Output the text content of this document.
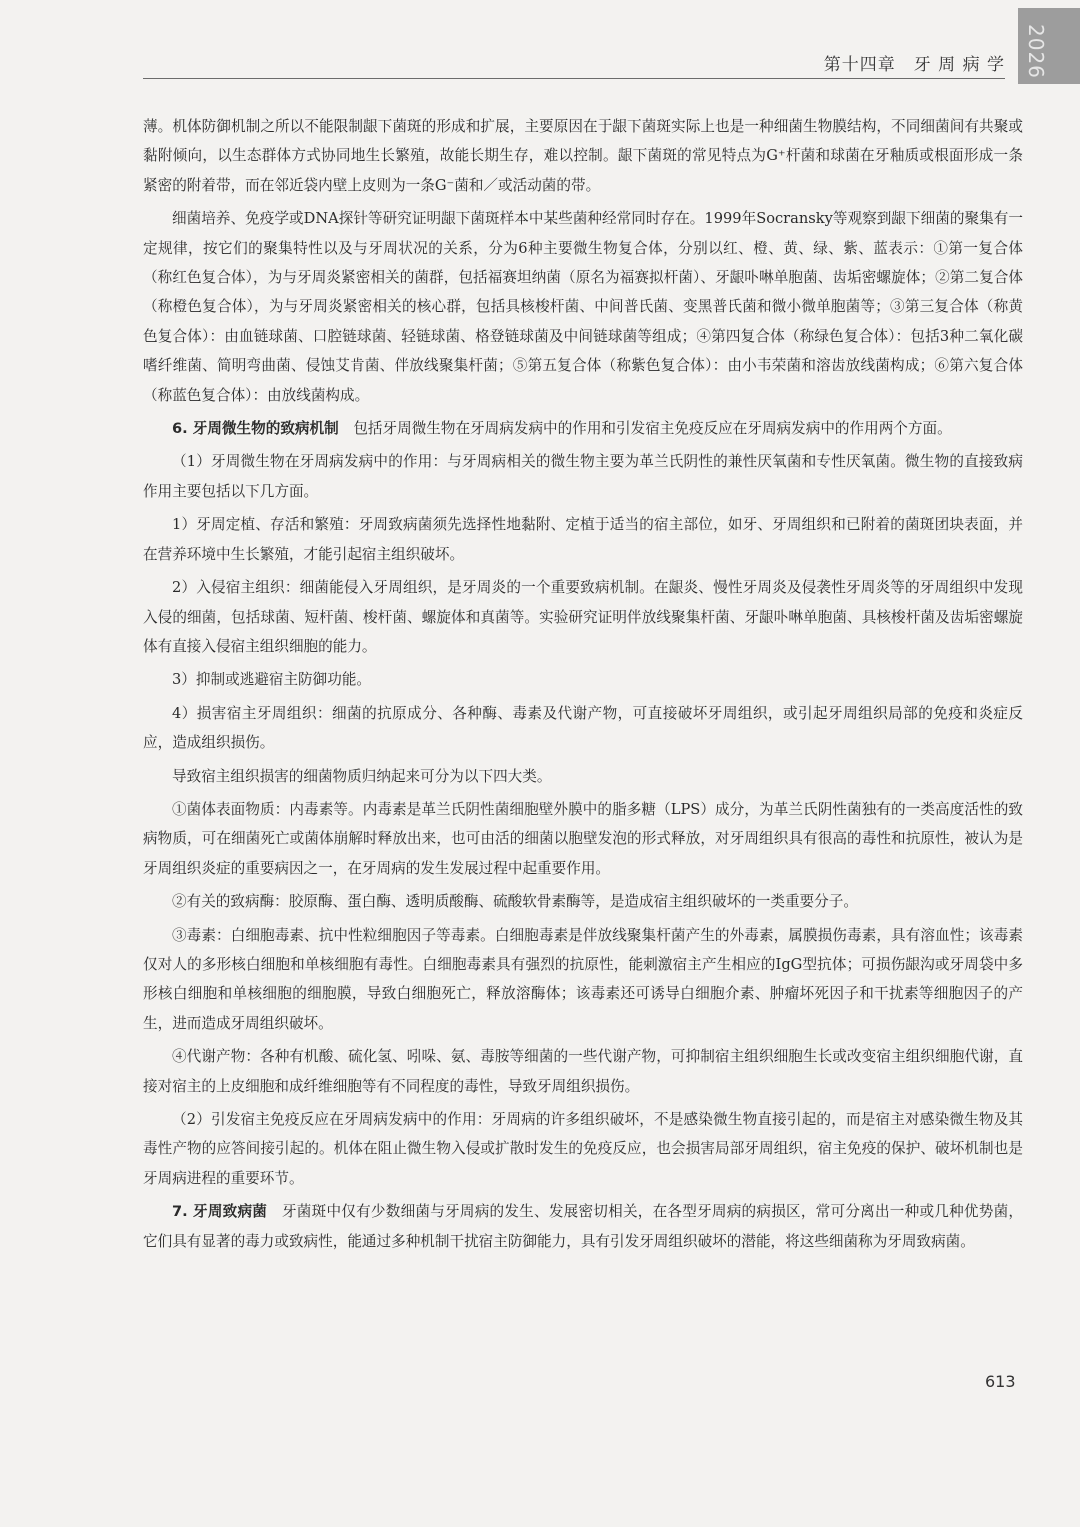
2026
第十四章　牙 周 病 学

薄。机体防御机制之所以不能限制龈下菌斑的形成和扩展，主要原因在于龈下菌斑实际上也是一种细菌生物膜结构，不同细菌间有共聚或黏附倾向，以生态群体方式协同地生长繁殖，故能长期生存，难以控制。龈下菌斑的常见特点为G⁺杆菌和球菌在牙釉质或根面形成一条紧密的附着带，而在邻近袋内壁上皮则为一条G⁻菌和／或活动菌的带。

细菌培养、免疫学或DNA探针等研究证明龈下菌斑样本中某些菌种经常同时存在。1999年Socransky等观察到龈下细菌的聚集有一定规律，按它们的聚集特性以及与牙周状况的关系，分为6种主要微生物复合体，分别以红、橙、黄、绿、紫、蓝表示：①第一复合体（称红色复合体），为与牙周炎紧密相关的菌群，包括福赛坦纳菌（原名为福赛拟杆菌）、牙龈卟啉单胞菌、齿垢密螺旋体；②第二复合体（称橙色复合体），为与牙周炎紧密相关的核心群，包括具核梭杆菌、中间普氏菌、变黑普氏菌和微小微单胞菌等；③第三复合体（称黄色复合体）：由血链球菌、口腔链球菌、轻链球菌、格登链球菌及中间链球菌等组成；④第四复合体（称绿色复合体）：包括3种二氧化碳嗜纤维菌、简明弯曲菌、侵蚀艾肯菌、伴放线聚集杆菌；⑤第五复合体（称紫色复合体）：由小韦荣菌和溶齿放线菌构成；⑥第六复合体（称蓝色复合体）：由放线菌构成。

6. 牙周微生物的致病机制　包括牙周微生物在牙周病发病中的作用和引发宿主免疫反应在牙周病发病中的作用两个方面。

（1）牙周微生物在牙周病发病中的作用：与牙周病相关的微生物主要为革兰氏阴性的兼性厌氧菌和专性厌氧菌。微生物的直接致病作用主要包括以下几方面。

1）牙周定植、存活和繁殖：牙周致病菌须先选择性地黏附、定植于适当的宿主部位，如牙、牙周组织和已附着的菌斑团块表面，并在营养环境中生长繁殖，才能引起宿主组织破坏。

2）入侵宿主组织：细菌能侵入牙周组织，是牙周炎的一个重要致病机制。在龈炎、慢性牙周炎及侵袭性牙周炎等的牙周组织中发现入侵的细菌，包括球菌、短杆菌、梭杆菌、螺旋体和真菌等。实验研究证明伴放线聚集杆菌、牙龈卟啉单胞菌、具核梭杆菌及齿垢密螺旋体有直接入侵宿主组织细胞的能力。

3）抑制或逃避宿主防御功能。

4）损害宿主牙周组织：细菌的抗原成分、各种酶、毒素及代谢产物，可直接破坏牙周组织，或引起牙周组织局部的免疫和炎症反应，造成组织损伤。

导致宿主组织损害的细菌物质归纳起来可分为以下四大类。

①菌体表面物质：内毒素等。内毒素是革兰氏阴性菌细胞壁外膜中的脂多糖（LPS）成分，为革兰氏阴性菌独有的一类高度活性的致病物质，可在细菌死亡或菌体崩解时释放出来，也可由活的细菌以胞壁发泡的形式释放，对牙周组织具有很高的毒性和抗原性，被认为是牙周组织炎症的重要病因之一，在牙周病的发生发展过程中起重要作用。

②有关的致病酶：胶原酶、蛋白酶、透明质酸酶、硫酸软骨素酶等，是造成宿主组织破坏的一类重要分子。

③毒素：白细胞毒素、抗中性粒细胞因子等毒素。白细胞毒素是伴放线聚集杆菌产生的外毒素，属膜损伤毒素，具有溶血性；该毒素仅对人的多形核白细胞和单核细胞有毒性。白细胞毒素具有强烈的抗原性，能刺激宿主产生相应的IgG型抗体；可损伤龈沟或牙周袋中多形核白细胞和单核细胞的细胞膜，导致白细胞死亡，释放溶酶体；该毒素还可诱导白细胞介素、肿瘤坏死因子和干扰素等细胞因子的产生，进而造成牙周组织破坏。

④代谢产物：各种有机酸、硫化氢、吲哚、氨、毒胺等细菌的一些代谢产物，可抑制宿主组织细胞生长或改变宿主组织细胞代谢，直接对宿主的上皮细胞和成纤维细胞等有不同程度的毒性，导致牙周组织损伤。

（2）引发宿主免疫反应在牙周病发病中的作用：牙周病的许多组织破坏，不是感染微生物直接引起的，而是宿主对感染微生物及其毒性产物的应答间接引起的。机体在阻止微生物入侵或扩散时发生的免疫反应，也会损害局部牙周组织，宿主免疫的保护、破坏机制也是牙周病进程的重要环节。

7. 牙周致病菌　牙菌斑中仅有少数细菌与牙周病的发生、发展密切相关，在各型牙周病的病损区，常可分离出一种或几种优势菌，它们具有显著的毒力或致病性，能通过多种机制干扰宿主防御能力，具有引发牙周组织破坏的潜能，将这些细菌称为牙周致病菌。

613
